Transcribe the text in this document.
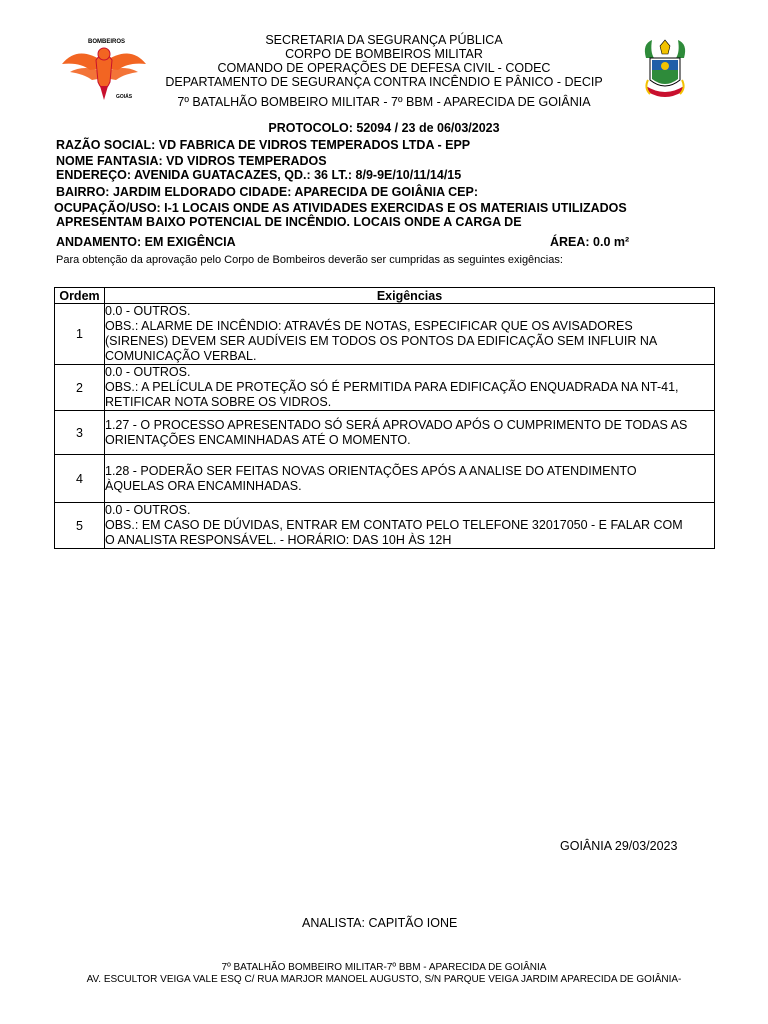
BOMBEIROS
GOIÁS
SECRETARIA DA SEGURANÇA PÚBLICA
CORPO DE BOMBEIROS MILITAR
COMANDO DE OPERAÇÕES DE DEFESA CIVIL - CODEC
DEPARTAMENTO DE SEGURANÇA CONTRA INCÊNDIO E PÂNICO - DECIP
7º BATALHÃO BOMBEIRO MILITAR - 7º BBM - APARECIDA DE GOIÂNIA
PROTOCOLO: 52094 / 23 de 06/03/2023
RAZÃO SOCIAL: VD FABRICA DE VIDROS TEMPERADOS LTDA - EPP
NOME FANTASIA: VD VIDROS TEMPERADOS
ENDEREÇO: AVENIDA GUATACAZES, QD.: 36 LT.: 8/9-9E/10/11/14/15
BAIRRO: JARDIM ELDORADO CIDADE: APARECIDA DE GOIÂNIA CEP:
OCUPAÇÃO/USO: I-1 LOCAIS ONDE AS ATIVIDADES EXERCIDAS E OS MATERIAIS UTILIZADOS
APRESENTAM BAIXO POTENCIAL DE INCÊNDIO. LOCAIS ONDE A CARGA DE
ANDAMENTO: EM EXIGÊNCIA	ÁREA: 0.0 m²
Para obtenção da aprovação pelo Corpo de Bombeiros deverão ser cumpridas as seguintes exigências:
Ordem	Exigências
1	0.0 - OUTROS.
OBS.: ALARME DE INCÊNDIO: ATRAVÉS DE NOTAS, ESPECIFICAR QUE OS AVISADORES
(SIRENES) DEVEM SER AUDÍVEIS EM TODOS OS PONTOS DA EDIFICAÇÃO SEM INFLUIR NA
COMUNICAÇÃO VERBAL.

2	0.0 - OUTROS.
OBS.: A PELÍCULA DE PROTEÇÃO SÓ É PERMITIDA PARA EDIFICAÇÃO ENQUADRADA NA NT-41,
RETIFICAR NOTA SOBRE OS VIDROS.

3	1.27 - O PROCESSO APRESENTADO SÓ SERÁ APROVADO APÓS O CUMPRIMENTO DE TODAS AS
ORIENTAÇÕES ENCAMINHADAS ATÉ O MOMENTO.

4	1.28 - PODERÃO SER FEITAS NOVAS ORIENTAÇÕES APÓS A ANALISE DO ATENDIMENTO
ÀQUELAS ORA ENCAMINHADAS.

5	0.0 - OUTROS.
OBS.: EM CASO DE DÚVIDAS, ENTRAR EM CONTATO PELO TELEFONE 32017050 - E FALAR COM
O ANALISTA RESPONSÁVEL. - HORÁRIO: DAS 10H ÀS 12H
GOIÂNIA 29/03/2023
ANALISTA: CAPITÃO IONE
7º BATALHÃO BOMBEIRO MILITAR-7º BBM - APARECIDA DE GOIÂNIA
AV. ESCULTOR VEIGA VALE ESQ C/ RUA MARJOR MANOEL AUGUSTO, S/N PARQUE VEIGA JARDIM APARECIDA DE GOIÂNIA-
